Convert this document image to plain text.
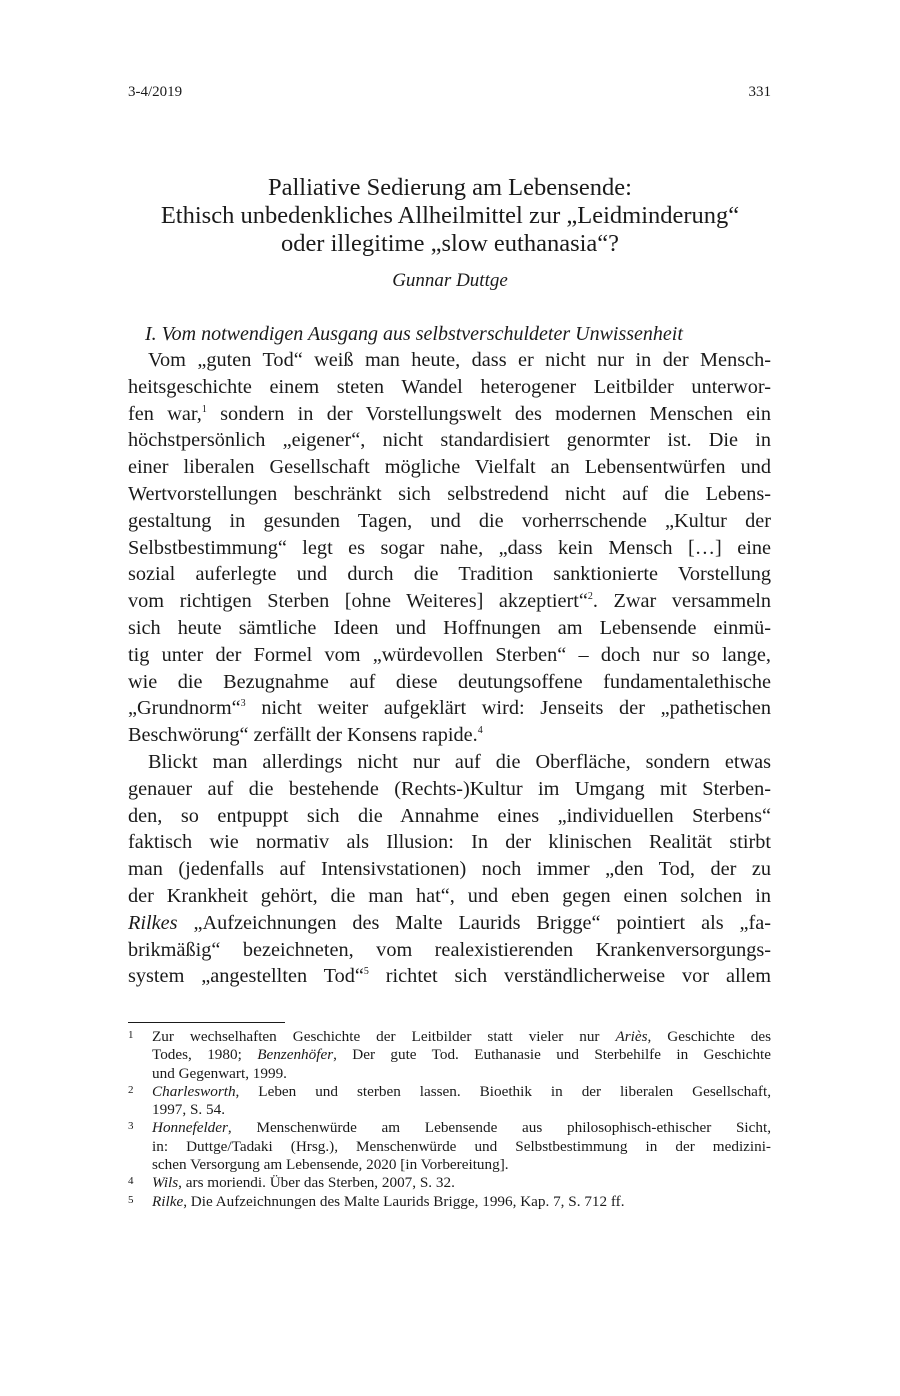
3-4/2019	331
Palliative Sedierung am Lebensende:
Ethisch unbedenkliches Allheilmittel zur „Leidminderung“
oder illegitime „slow euthanasia“?
Gunnar Duttge
I. Vom notwendigen Ausgang aus selbstverschuldeter Unwissenheit
Vom „guten Tod“ weiß man heute, dass er nicht nur in der Mensch-
heitsgeschichte einem steten Wandel heterogener Leitbilder unterwor-
fen war,$^1$ sondern in der Vorstellungswelt des modernen Menschen ein
höchstpersönlich „eigener“, nicht standardisiert genormter ist. Die in
einer liberalen Gesellschaft mögliche Vielfalt an Lebensentwürfen und
Wertvorstellungen beschränkt sich selbstredend nicht auf die Lebens-
gestaltung in gesunden Tagen, und die vorherrschende „Kultur der
Selbstbestimmung“ legt es sogar nahe, „dass kein Mensch […] eine
sozial auferlegte und durch die Tradition sanktionierte Vorstellung
vom richtigen Sterben [ohne Weiteres] akzeptiert“$^2$. Zwar versammeln
sich heute sämtliche Ideen und Hoffnungen am Lebensende einmü-
tig unter der Formel vom „würdevollen Sterben“ – doch nur so lange,
wie die Bezugnahme auf diese deutungsoffene fundamentalethische
„Grundnorm“$^3$ nicht weiter aufgeklärt wird: Jenseits der „pathetischen
Beschwörung“ zerfällt der Konsens rapide.$^4$
Blickt man allerdings nicht nur auf die Oberfläche, sondern etwas
genauer auf die bestehende (Rechts-)Kultur im Umgang mit Sterben-
den, so entpuppt sich die Annahme eines „individuellen Sterbens“
faktisch wie normativ als Illusion: In der klinischen Realität stirbt
man (jedenfalls auf Intensivstationen) noch immer „den Tod, der zu
der Krankheit gehört, die man hat“, und eben gegen einen solchen in
Rilkes „Aufzeichnungen des Malte Laurids Brigge“ pointiert als „fa-
brikmäßig“ bezeichneten, vom realexistierenden Krankenversorgungs-
system „angestellten Tod“$^5$ richtet sich verständlicherweise vor allem
1 Zur wechselhaften Geschichte der Leitbilder statt vieler nur Ariès, Geschichte des
Todes, 1980; Benzenhöfer, Der gute Tod. Euthanasie und Sterbehilfe in Geschichte
und Gegenwart, 1999.
2 Charlesworth, Leben und sterben lassen. Bioethik in der liberalen Gesellschaft,
1997, S. 54.
3 Honnefelder, Menschenwürde am Lebensende aus philosophisch-ethischer Sicht,
in: Duttge/Tadaki (Hrsg.), Menschenwürde und Selbstbestimmung in der medizini-
schen Versorgung am Lebensende, 2020 [in Vorbereitung].
4 Wils, ars moriendi. Über das Sterben, 2007, S. 32.
5 Rilke, Die Aufzeichnungen des Malte Laurids Brigge, 1996, Kap. 7, S. 712 ff.
